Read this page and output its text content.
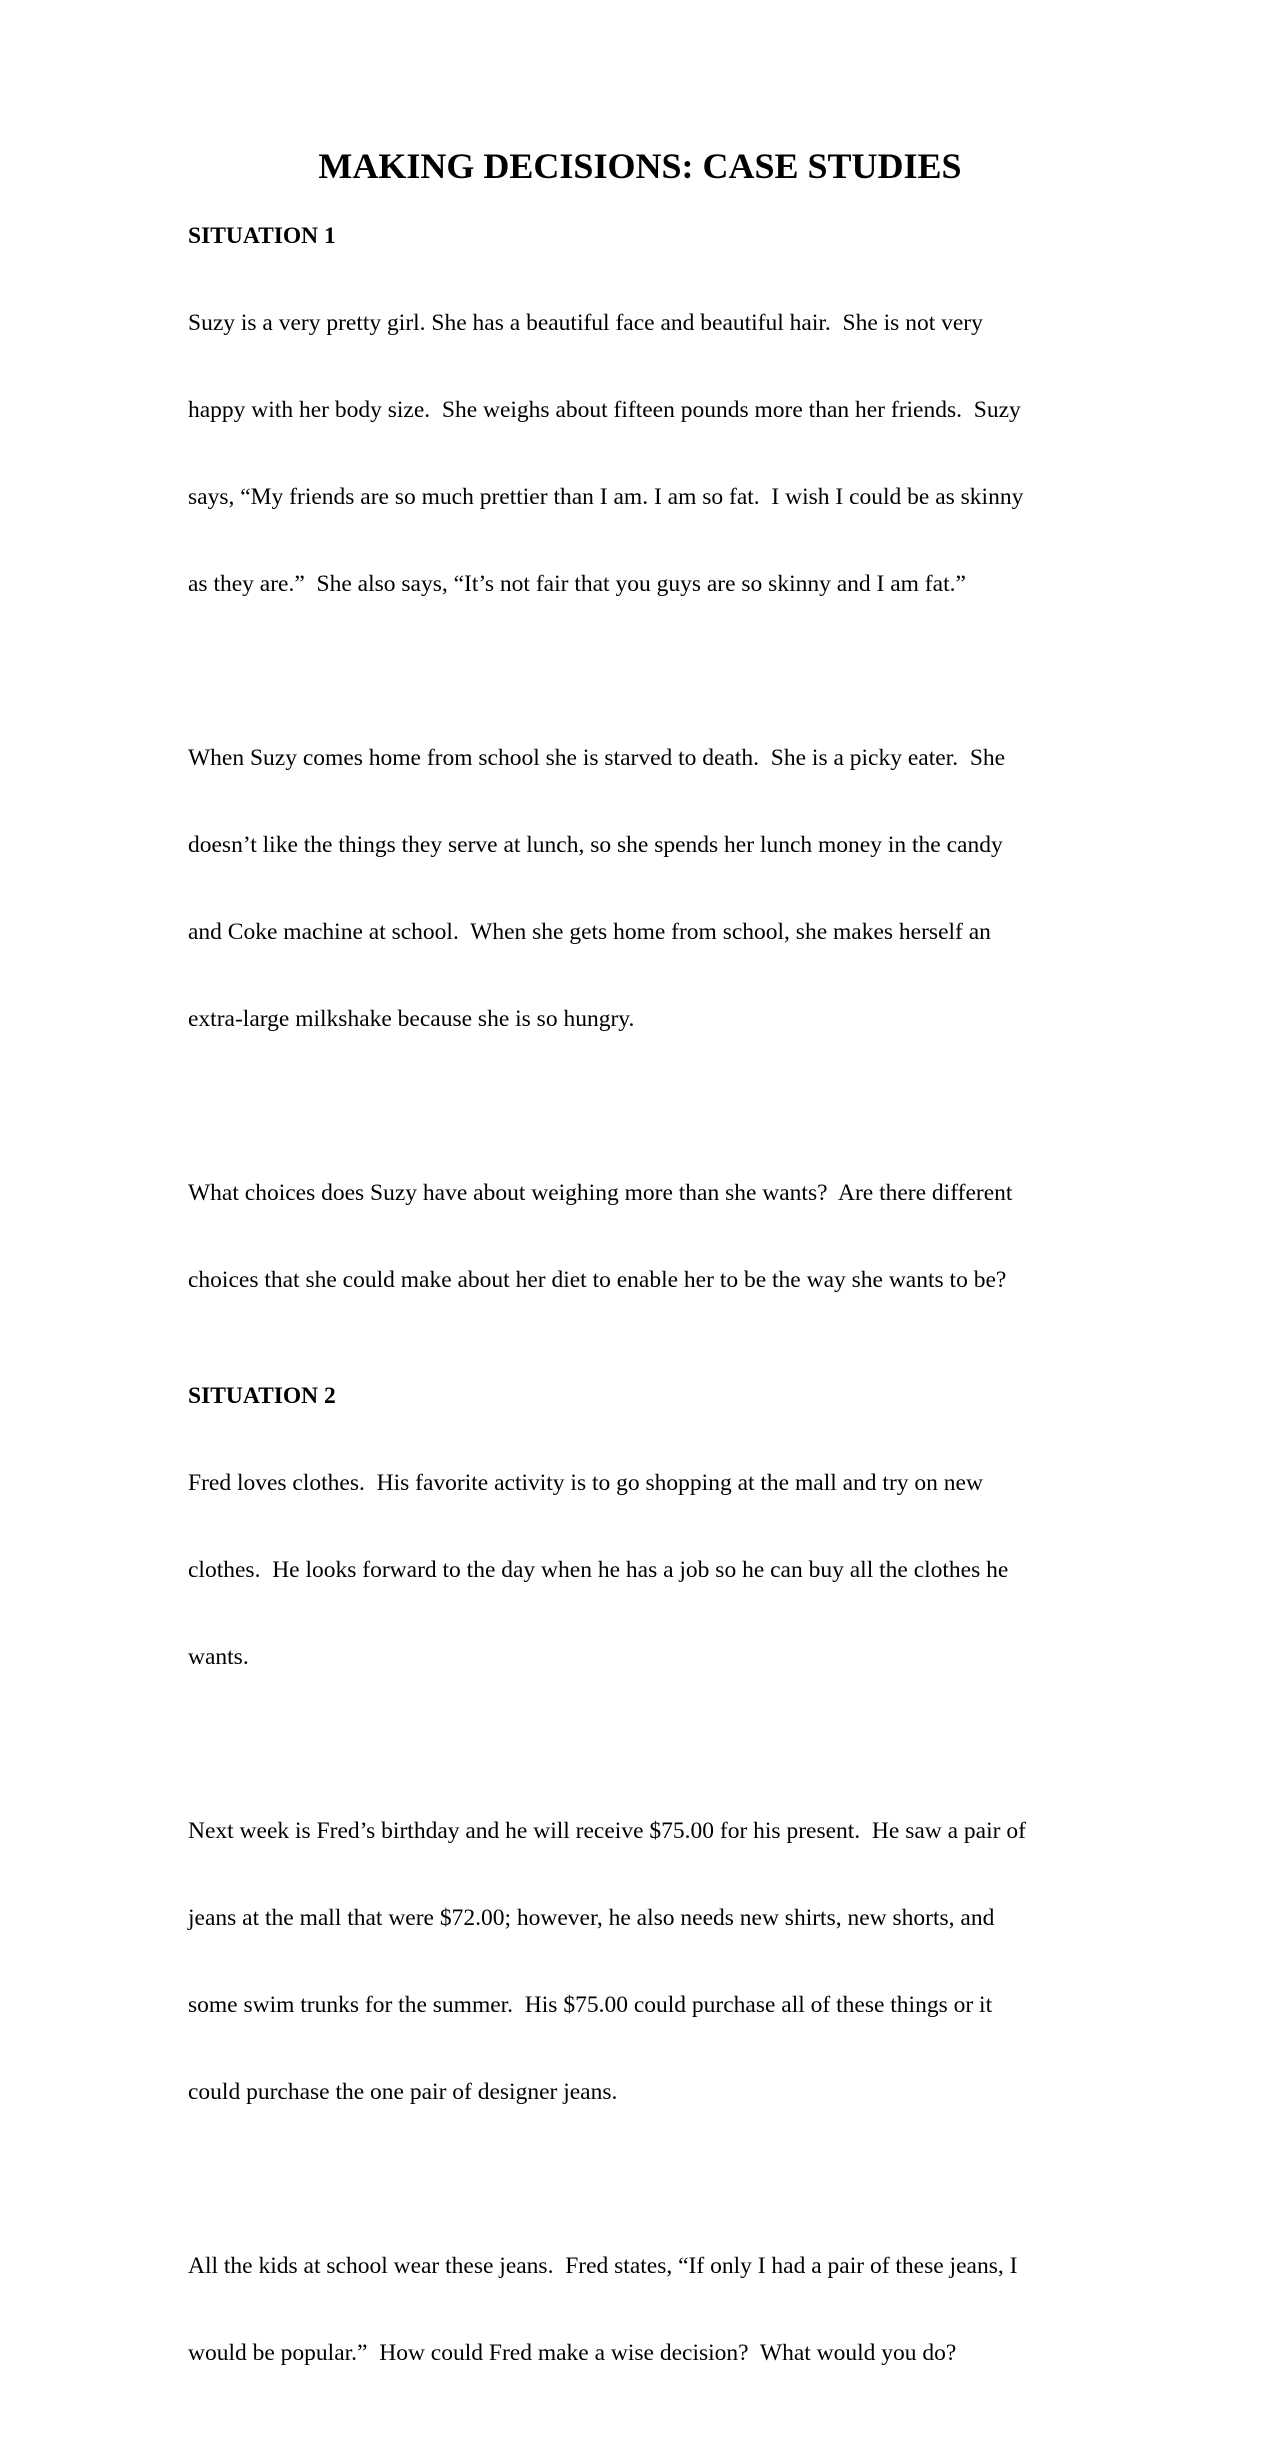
MAKING DECISIONS: CASE STUDIES
SITUATION 1

Suzy is a very pretty girl. She has a beautiful face and beautiful hair.  She is not very

happy with her body size.  She weighs about fifteen pounds more than her friends.  Suzy

says, “My friends are so much prettier than I am. I am so fat.  I wish I could be as skinny

as they are.”  She also says, “It’s not fair that you guys are so skinny and I am fat.”

When Suzy comes home from school she is starved to death.  She is a picky eater.  She

doesn’t like the things they serve at lunch, so she spends her lunch money in the candy

and Coke machine at school.  When she gets home from school, she makes herself an

extra-large milkshake because she is so hungry.

What choices does Suzy have about weighing more than she wants?  Are there different

choices that she could make about her diet to enable her to be the way she wants to be?

SITUATION 2

Fred loves clothes.  His favorite activity is to go shopping at the mall and try on new

clothes.  He looks forward to the day when he has a job so he can buy all the clothes he

wants.

Next week is Fred’s birthday and he will receive $75.00 for his present.  He saw a pair of

jeans at the mall that were $72.00; however, he also needs new shirts, new shorts, and

some swim trunks for the summer.  His $75.00 could purchase all of these things or it

could purchase the one pair of designer jeans.

All the kids at school wear these jeans.  Fred states, “If only I had a pair of these jeans, I

would be popular.”  How could Fred make a wise decision?  What would you do?
